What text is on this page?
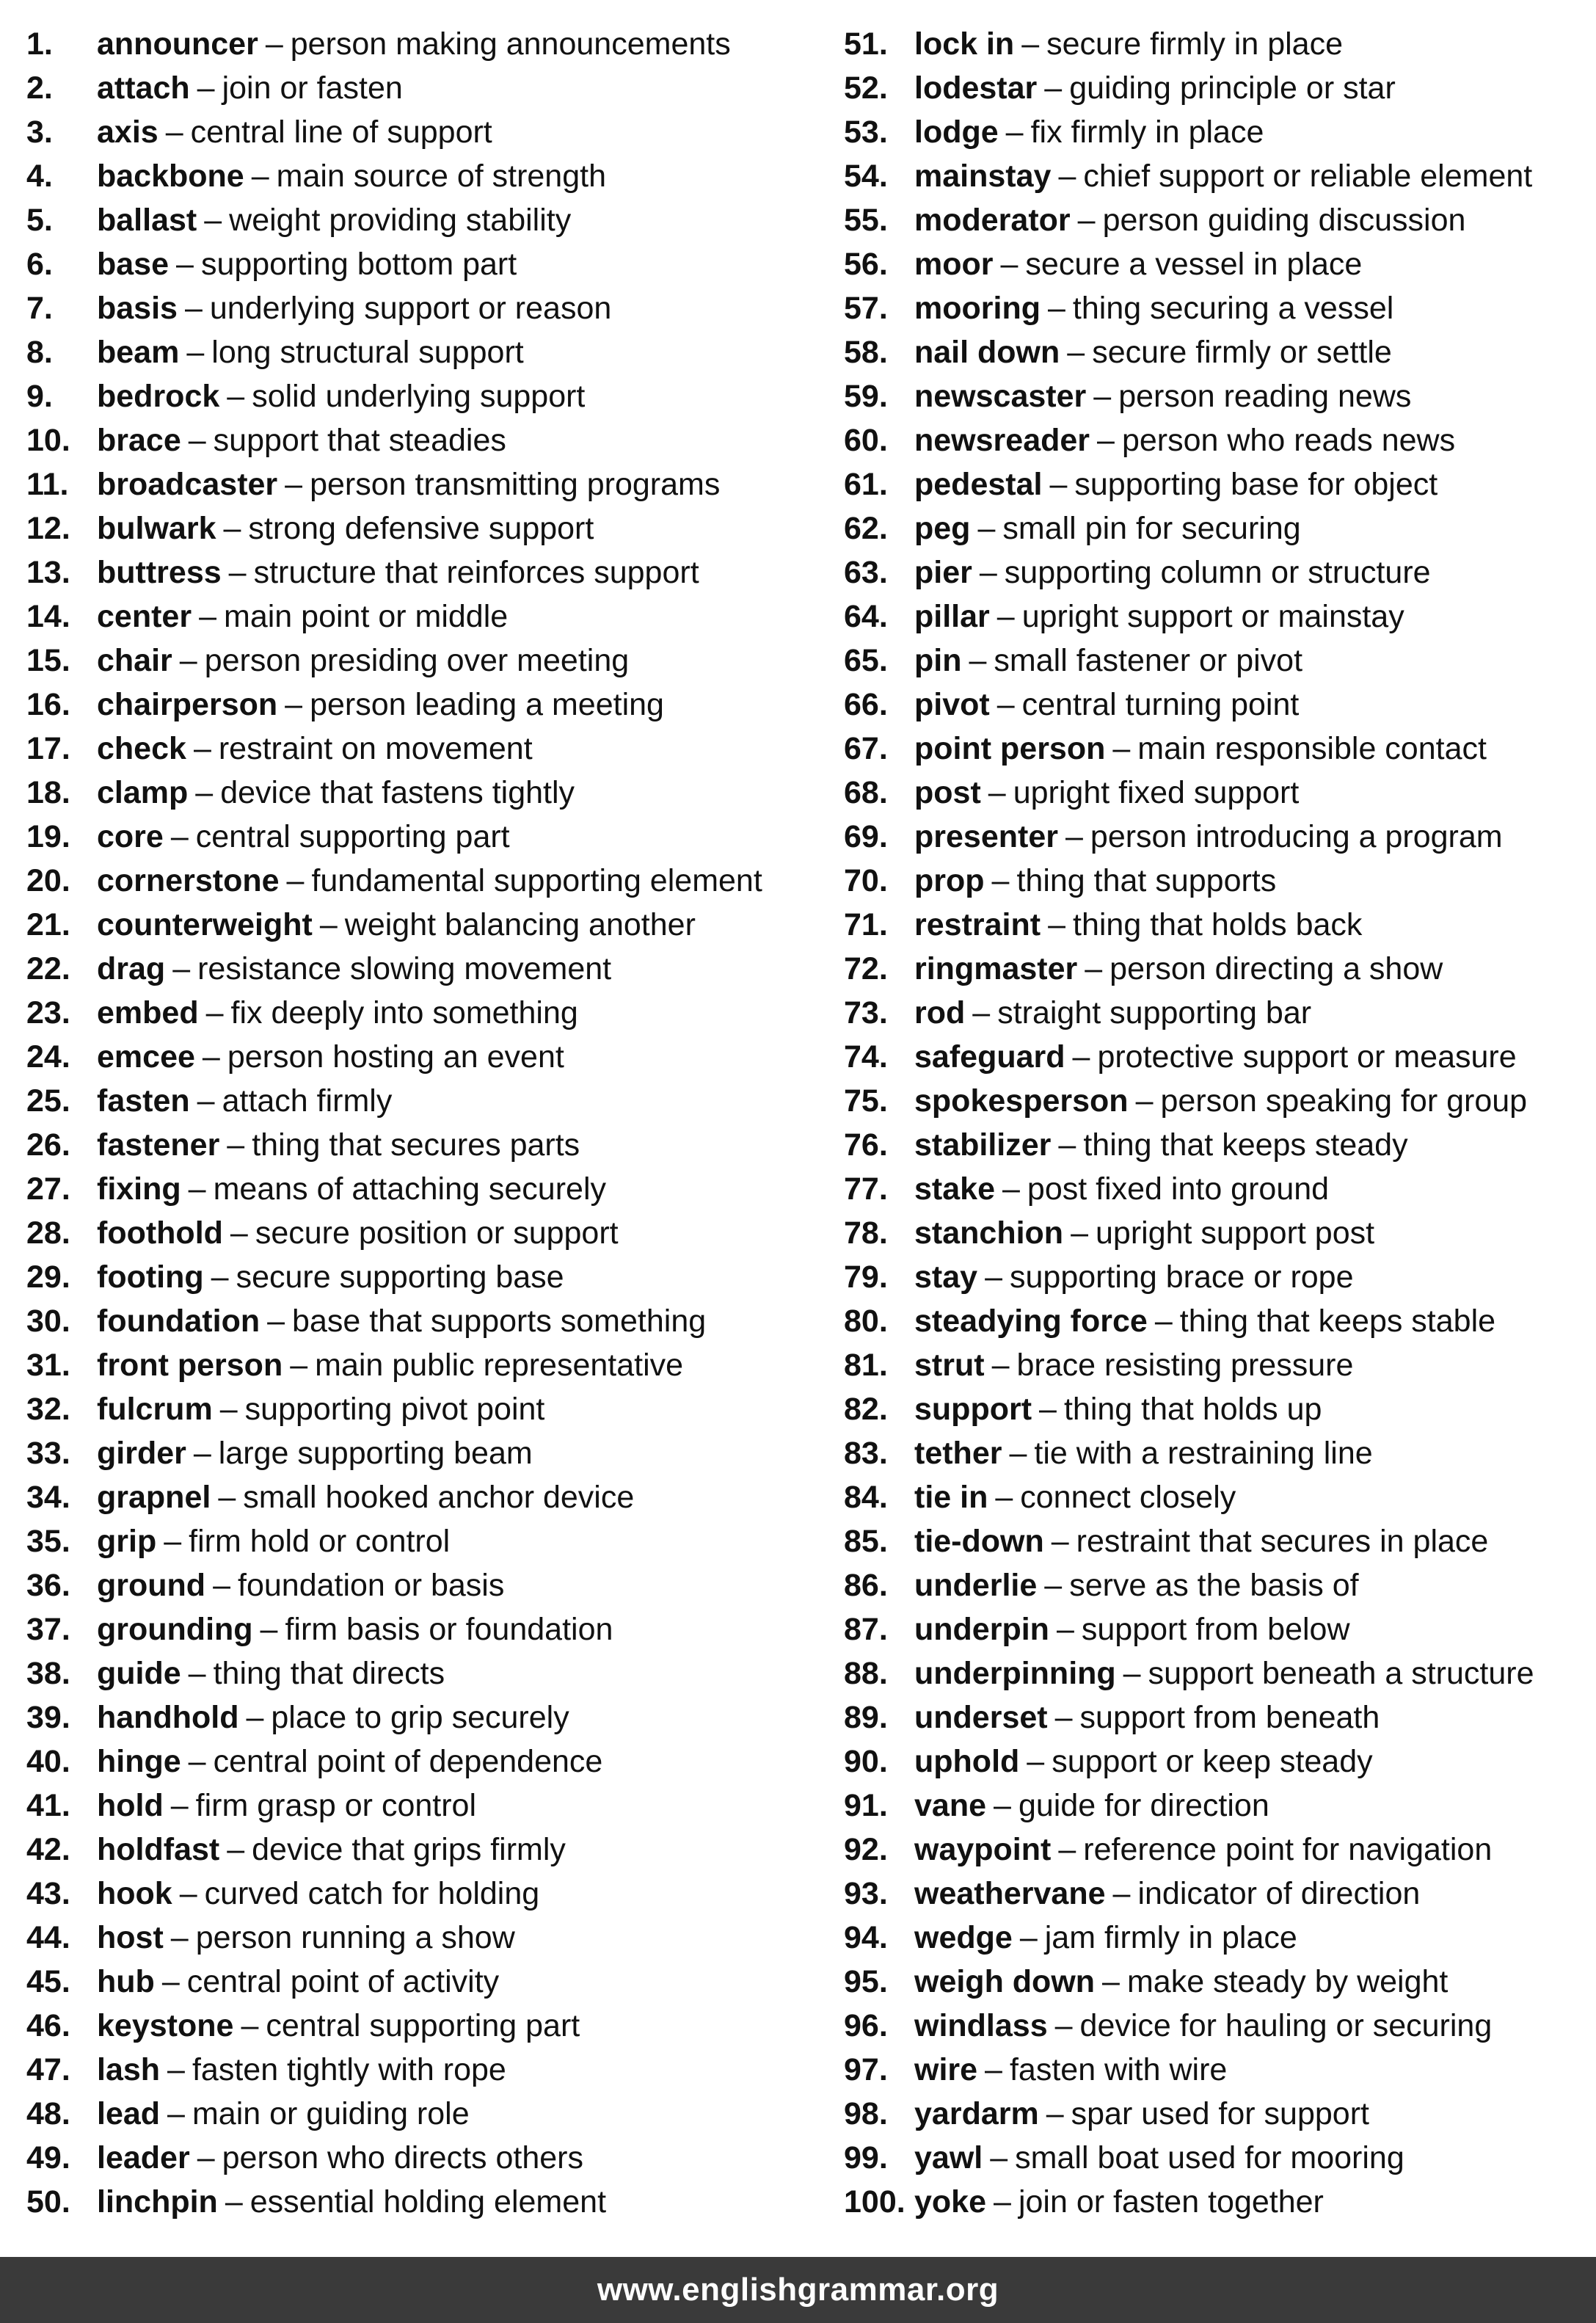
1. announcer – person making announcements
2. attach – join or fasten
3. axis – central line of support
4. backbone – main source of strength
5. ballast – weight providing stability
6. base – supporting bottom part
7. basis – underlying support or reason
8. beam – long structural support
9. bedrock – solid underlying support
10. brace – support that steadies
11. broadcaster – person transmitting programs
12. bulwark – strong defensive support
13. buttress – structure that reinforces support
14. center – main point or middle
15. chair – person presiding over meeting
16. chairperson – person leading a meeting
17. check – restraint on movement
18. clamp – device that fastens tightly
19. core – central supporting part
20. cornerstone – fundamental supporting element
21. counterweight – weight balancing another
22. drag – resistance slowing movement
23. embed – fix deeply into something
24. emcee – person hosting an event
25. fasten – attach firmly
26. fastener – thing that secures parts
27. fixing – means of attaching securely
28. foothold – secure position or support
29. footing – secure supporting base
30. foundation – base that supports something
31. front person – main public representative
32. fulcrum – supporting pivot point
33. girder – large supporting beam
34. grapnel – small hooked anchor device
35. grip – firm hold or control
36. ground – foundation or basis
37. grounding – firm basis or foundation
38. guide – thing that directs
39. handhold – place to grip securely
40. hinge – central point of dependence
41. hold – firm grasp or control
42. holdfast – device that grips firmly
43. hook – curved catch for holding
44. host – person running a show
45. hub – central point of activity
46. keystone – central supporting part
47. lash – fasten tightly with rope
48. lead – main or guiding role
49. leader – person who directs others
50. linchpin – essential holding element
51. lock in – secure firmly in place
52. lodestar – guiding principle or star
53. lodge – fix firmly in place
54. mainstay – chief support or reliable element
55. moderator – person guiding discussion
56. moor – secure a vessel in place
57. mooring – thing securing a vessel
58. nail down – secure firmly or settle
59. newscaster – person reading news
60. newsreader – person who reads news
61. pedestal – supporting base for object
62. peg – small pin for securing
63. pier – supporting column or structure
64. pillar – upright support or mainstay
65. pin – small fastener or pivot
66. pivot – central turning point
67. point person – main responsible contact
68. post – upright fixed support
69. presenter – person introducing a program
70. prop – thing that supports
71. restraint – thing that holds back
72. ringmaster – person directing a show
73. rod – straight supporting bar
74. safeguard – protective support or measure
75. spokesperson – person speaking for group
76. stabilizer – thing that keeps steady
77. stake – post fixed into ground
78. stanchion – upright support post
79. stay – supporting brace or rope
80. steadying force – thing that keeps stable
81. strut – brace resisting pressure
82. support – thing that holds up
83. tether – tie with a restraining line
84. tie in – connect closely
85. tie-down – restraint that secures in place
86. underlie – serve as the basis of
87. underpin – support from below
88. underpinning – support beneath a structure
89. underset – support from beneath
90. uphold – support or keep steady
91. vane – guide for direction
92. waypoint – reference point for navigation
93. weathervane – indicator of direction
94. wedge – jam firmly in place
95. weigh down – make steady by weight
96. windlass – device for hauling or securing
97. wire – fasten with wire
98. yardarm – spar used for support
99. yawl – small boat used for mooring
100. yoke – join or fasten together
www.englishgrammar.org
